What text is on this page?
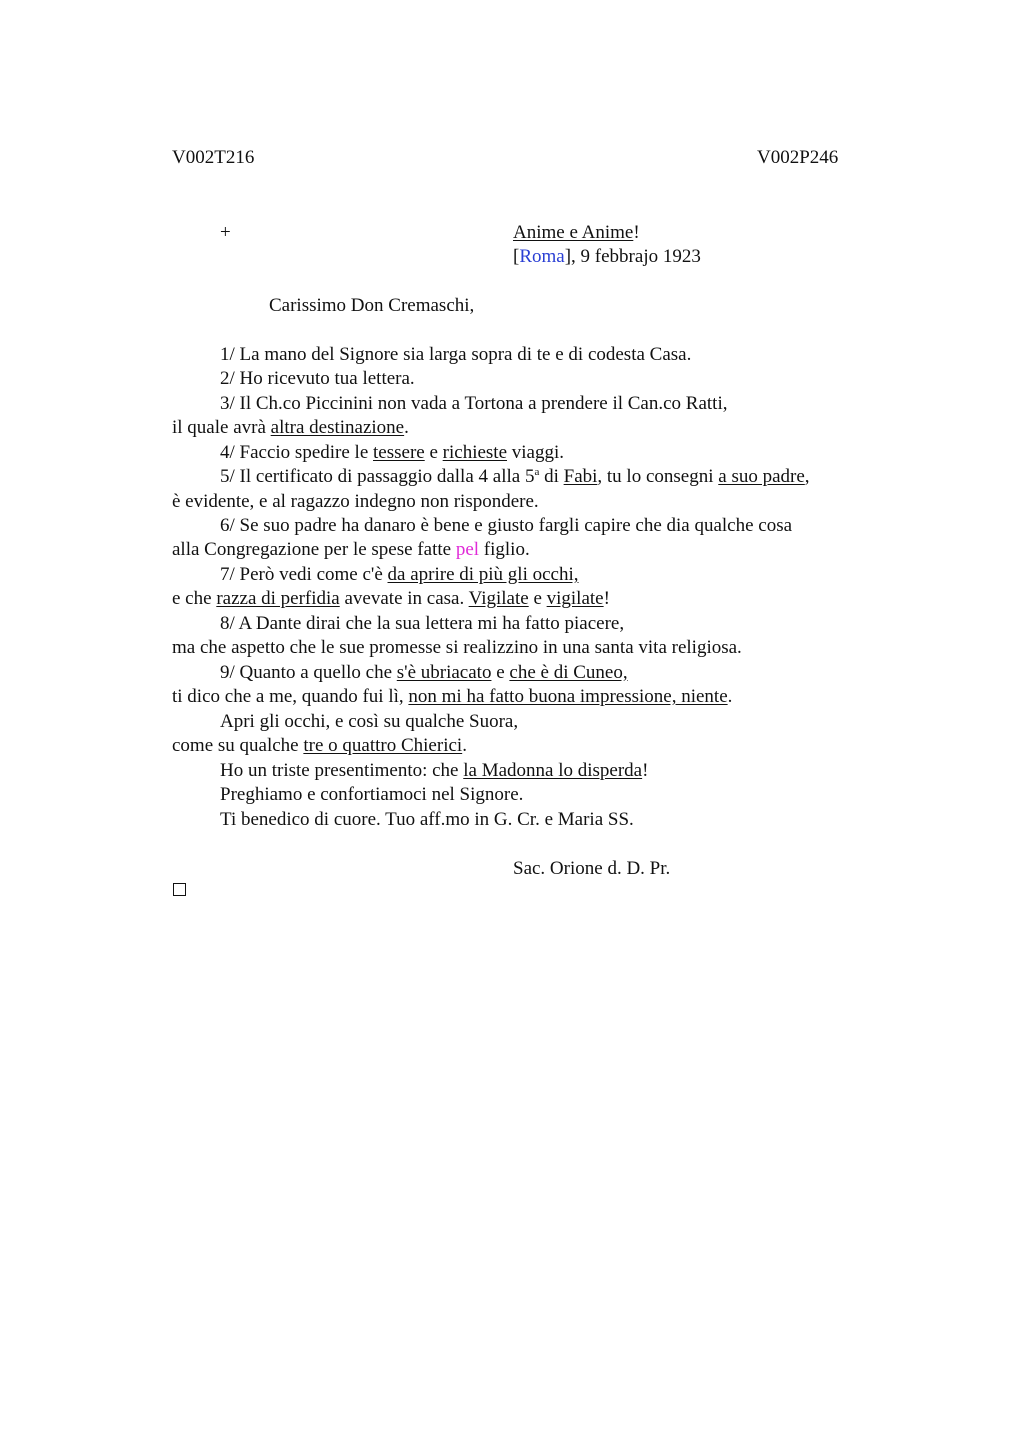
V002T216	V002P246
+	Anime e Anime!
[Roma], 9 febbrajo 1923
Carissimo Don Cremaschi,
1/ La mano del Signore sia larga sopra di te e di codesta Casa.
2/ Ho ricevuto tua lettera.
3/ Il Ch.co Piccinini non vada a Tortona a prendere il Can.co Ratti,
il quale avrà altra destinazione.
4/ Faccio spedire le tessere e richieste viaggi.
5/ Il certificato di passaggio dalla 4 alla 5$^a$ di Fabi, tu lo consegni a suo padre,
è evidente, e al ragazzo indegno non rispondere.
6/ Se suo padre ha danaro è bene e giusto fargli capire che dia qualche cosa
alla Congregazione per le spese fatte pel figlio.
7/ Però vedi come c'è da aprire di più gli occhi,
e che razza di perfidia avevate in casa. Vigilate e vigilate!
8/ A Dante dirai che la sua lettera mi ha fatto piacere,
ma che aspetto che le sue promesse si realizzino in una santa vita religiosa.
9/ Quanto a quello che s'è ubriacato e che è di Cuneo,
ti dico che a me, quando fui lì, non mi ha fatto buona impressione, niente.
Apri gli occhi, e così su qualche Suora,
come su qualche tre o quattro Chierici.
Ho un triste presentimento: che la Madonna lo disperda!
Preghiamo e confortiamoci nel Signore.
Ti benedico di cuore. Tuo aff.mo in G. Cr. e Maria SS.
Sac. Orione d. D. Pr.
